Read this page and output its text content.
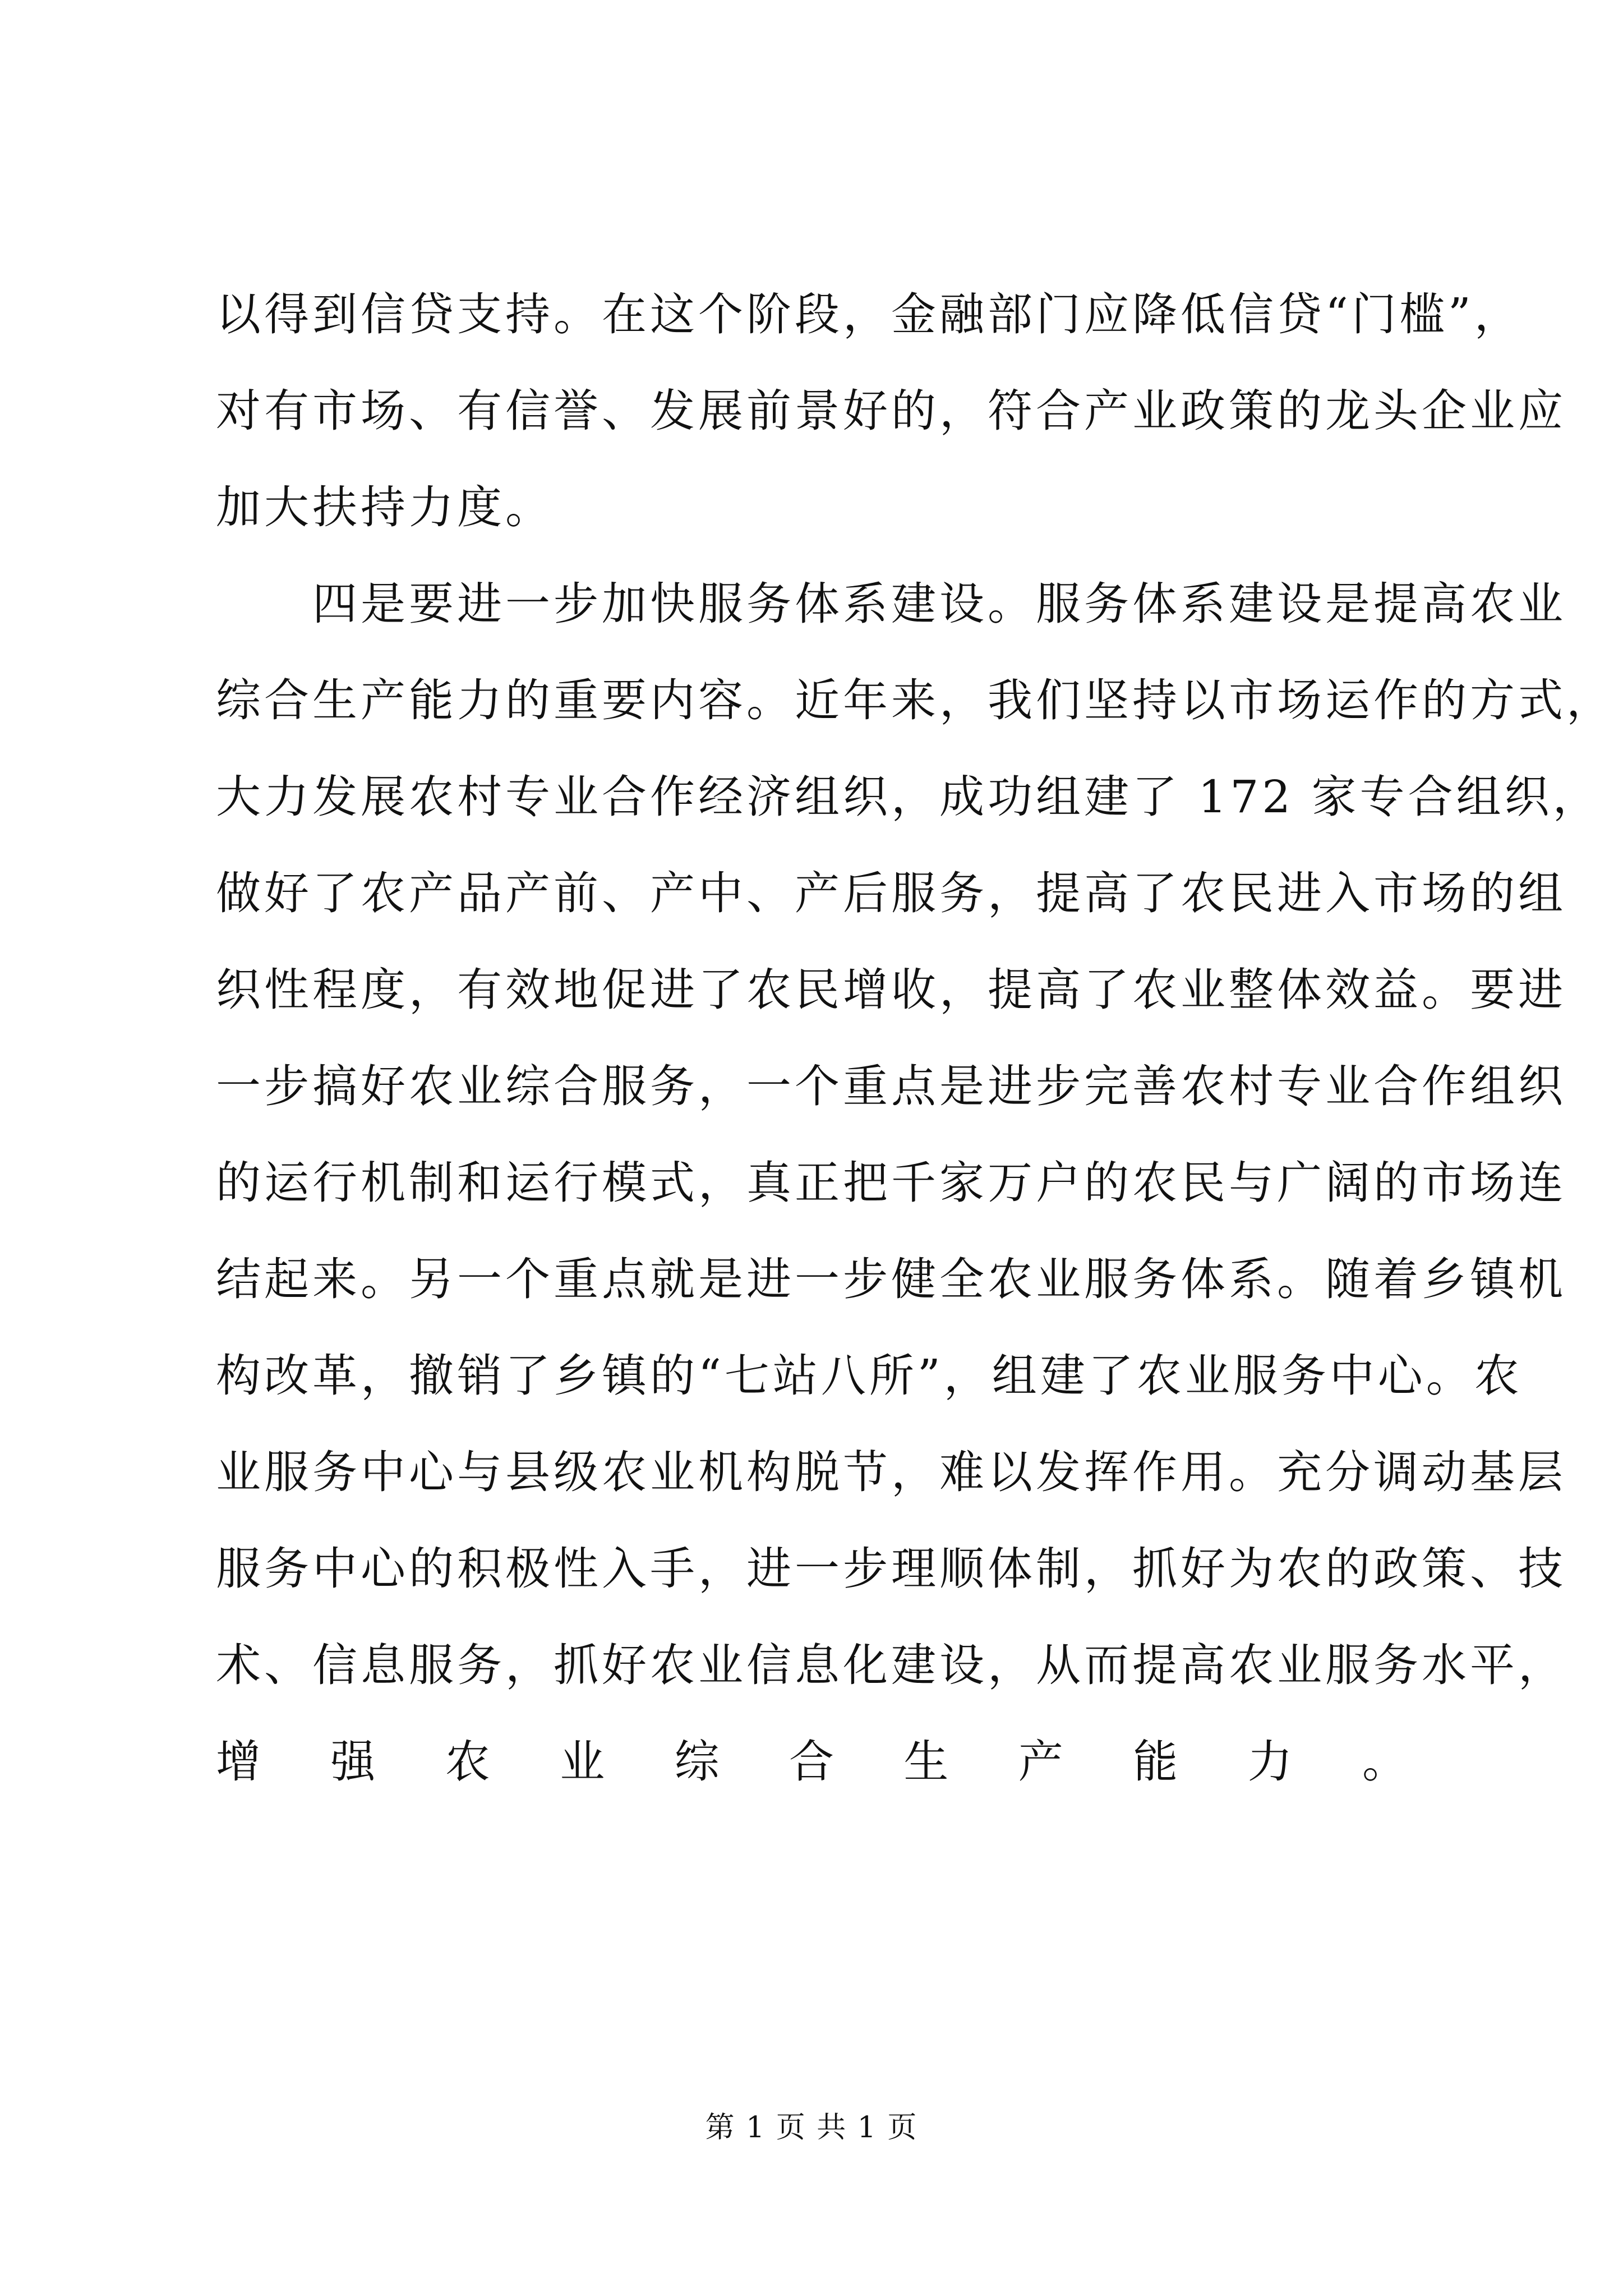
以得到信贷支持。在这个阶段，金融部门应降低信贷“门槛”，
对有市场、有信誉、发展前景好的，符合产业政策的龙头企业应
加大扶持力度。
四是要进一步加快服务体系建设。服务体系建设是提高农业
综合生产能力的重要内容。近年来，我们坚持以市场运作的方式，
大力发展农村专业合作经济组织，成功组建了 172 家专合组织，
做好了农产品产前、产中、产后服务，提高了农民进入市场的组
织性程度，有效地促进了农民增收，提高了农业整体效益。要进
一步搞好农业综合服务，一个重点是进步完善农村专业合作组织
的运行机制和运行模式，真正把千家万户的农民与广阔的市场连
结起来。另一个重点就是进一步健全农业服务体系。随着乡镇机
构改革，撤销了乡镇的“七站八所”，组建了农业服务中心。农
业服务中心与县级农业机构脱节，难以发挥作用。充分调动基层
服务中心的积极性入手，进一步理顺体制，抓好为农的政策、技
术、信息服务，抓好农业信息化建设，从而提高农业服务水平，
增强农业综合生产能力。
第 1 页 共 1 页
